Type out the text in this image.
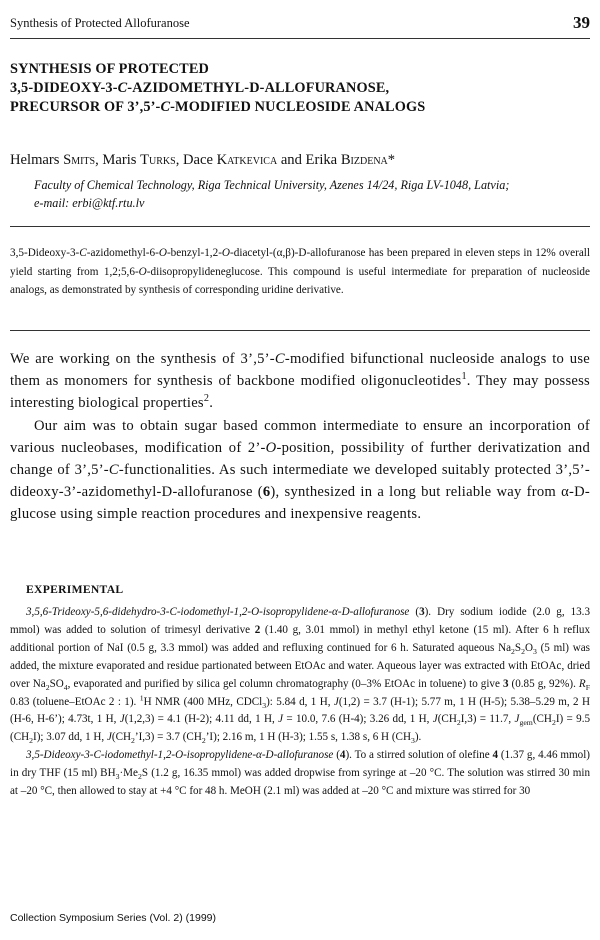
Synthesis of Protected Allofuranose	39
SYNTHESIS OF PROTECTED
3,5-DIDEOXY-3-C-AZIDOMETHYL-D-ALLOFURANOSE,
PRECURSOR OF 3’,5’-C-MODIFIED NUCLEOSIDE ANALOGS
Helmars Smits, Maris Turks, Dace Katkevica and Erika Bizdena*
Faculty of Chemical Technology, Riga Technical University, Azenes 14/24, Riga LV-1048, Latvia;
e-mail: erbi@ktf.rtu.lv
3,5-Dideoxy-3-C-azidomethyl-6-O-benzyl-1,2-O-diacetyl-(α,β)-D-allofuranose has been prepared in eleven steps in 12% overall yield starting from 1,2;5,6-O-diisopropylideneglucose. This compound is useful intermediate for preparation of nucleoside analogs, as demonstrated by synthesis of corresponding uridine derivative.

We are working on the synthesis of 3’,5’-C-modified bifunctional nucleoside analogs to use them as monomers for synthesis of backbone modified oligonucleotides$^1$. They may possess interesting biological properties$^2$.

Our aim was to obtain sugar based common intermediate to ensure an incorporation of various nucleobases, modification of 2’-O-position, possibility of further derivatization and change of 3’,5’-C-functionalities. As such intermediate we developed suitably protected 3’,5’-dideoxy-3’-azidomethyl-D-allofuranose (6), synthesized in a long but reliable way from α-D-glucose using simple reaction procedures and inexpensive reagents.

EXPERIMENTAL

3,5,6-Trideoxy-5,6-didehydro-3-C-iodomethyl-1,2-O-isopropylidene-α-D-allofuranose (3). Dry sodium iodide (2.0 g, 13.3 mmol) was added to solution of trimesyl derivative 2 (1.40 g, 3.01 mmol) in methyl ethyl ketone (15 ml). After 6 h reflux additional portion of NaI (0.5 g, 3.3 mmol) was added and refluxing continued for 6 h. Saturated aqueous $Na_2S_2O_3$ (5 ml) was added, the mixture evaporated and residue partionated between EtOAc and water. Aqueous layer was extracted with EtOAc, dried over $Na_2SO_4$, evaporated and purified by silica gel column chromatography (0–3% EtOAc in toluene) to give 3 (0.85 g, 92%). $R_F$ 0.83 (toluene–EtOAc 2 : 1). $^1$H NMR (400 MHz, CDCl$_3$): 5.84 d, 1 H, J(1,2) = 3.7 (H-1); 5.77 m, 1 H (H-5); 5.38–5.29 m, 2 H (H-6, H-6’); 4.73t, 1 H, J(1,2,3) = 4.1 (H-2); 4.11 dd, 1 H, J = 10.0, 7.6 (H-4); 3.26 dd, 1 H, $J(CH_2I,3) = 11.7$, $J_{gem}(CH_2I) = 9.5$ $(CH_2I)$; 3.07 dd, 1 H, $J(CH_2’I,3) = 3.7$ $(CH_2’I)$; 2.16 m, 1 H (H-3); 1.55 s, 1.38 s, 6 H $(CH_3)$.

3,5-Dideoxy-3-C-iodomethyl-1,2-O-isopropylidene-α-D-allofuranose (4). To a stirred solution of olefine 4 (1.37 g, 4.46 mmol) in dry THF (15 ml) $BH_3\cdot Me_2S$ (1.2 g, 16.35 mmol) was added dropwise from syringe at –20 °C. The solution was stirred 30 min at –20 °C, then allowed to stay at +4 °C for 48 h. MeOH (2.1 ml) was added at –20 °C and mixture was stirred for 30

Collection Symposium Series (Vol. 2) (1999)
